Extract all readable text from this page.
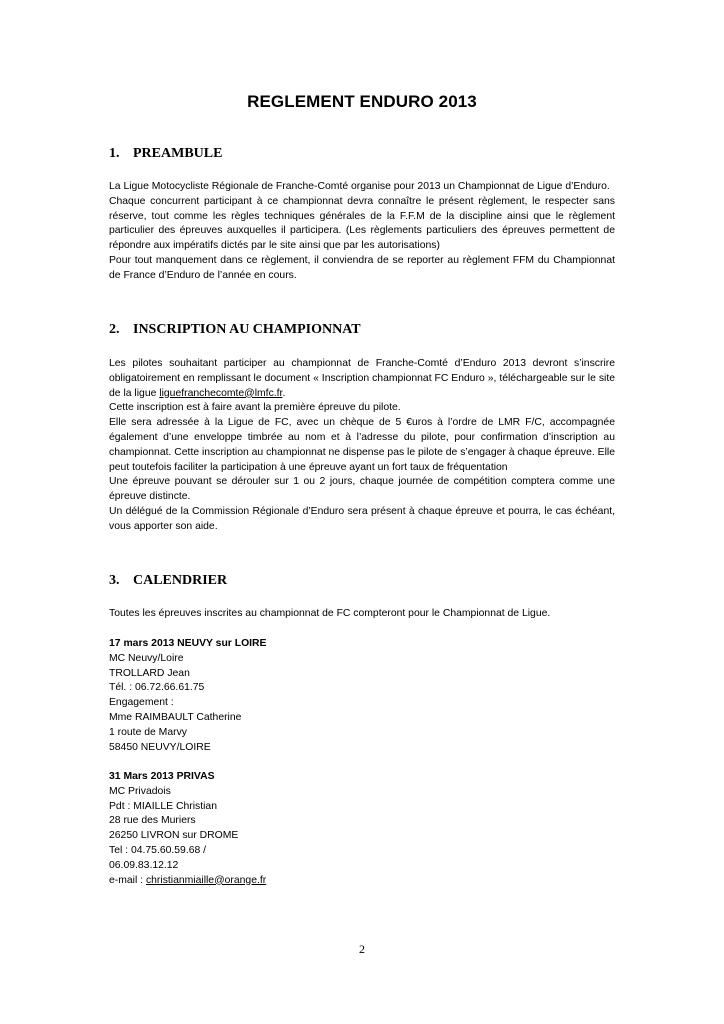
REGLEMENT ENDURO 2013
1. PREAMBULE

La Ligue Motocycliste Régionale de Franche-Comté organise pour 2013 un Championnat de Ligue d’Enduro.

Chaque concurrent participant à ce championnat devra connaître le présent règlement, le respecter sans réserve, tout comme les règles techniques générales de la F.F.M de la discipline ainsi que le règlement particulier des épreuves auxquelles il participera. (Les règlements particuliers des épreuves permettent de répondre aux impératifs dictés par le site ainsi que par les autorisations)

Pour tout manquement dans ce règlement, il conviendra de se reporter au règlement FFM du Championnat de France d’Enduro de l’année en cours.

2. INSCRIPTION AU CHAMPIONNAT

Les pilotes souhaitant participer au championnat de Franche-Comté d’Enduro 2013 devront s’inscrire obligatoirement en remplissant le document « Inscription championnat FC Enduro », téléchargeable sur le site de la ligue liguefranchecomte@lmfc.fr.

Cette inscription est à faire avant la première épreuve du pilote.

Elle sera adressée à la Ligue de FC, avec un chèque de 5 €uros à l’ordre de LMR F/C, accompagnée également d’une enveloppe timbrée au nom et à l’adresse du pilote, pour confirmation d’inscription au championnat. Cette inscription au championnat ne dispense pas le pilote de s’engager à chaque épreuve. Elle peut toutefois faciliter la participation à une épreuve ayant un fort taux de fréquentation

Une épreuve pouvant se dérouler sur 1 ou 2 jours, chaque journée de compétition comptera comme une épreuve distincte.

Un délégué de la Commission Régionale d’Enduro sera présent à chaque épreuve et pourra, le cas échéant, vous apporter son aide.

3. CALENDRIER

Toutes les épreuves inscrites au championnat de FC compteront pour le Championnat de Ligue.

17 mars 2013 NEUVY sur LOIRE
MC Neuvy/Loire
TROLLARD Jean
Tél. : 06.72.66.61.75
Engagement :
Mme RAIMBAULT Catherine
1 route de Marvy
58450 NEUVY/LOIRE
31 Mars 2013 PRIVAS
MC Privadois
Pdt : MIAILLE Christian
28 rue des Muriers
26250 LIVRON sur DROME
Tel : 04.75.60.59.68 /
06.09.83.12.12
e-mail : christianmiaille@orange.fr
2
